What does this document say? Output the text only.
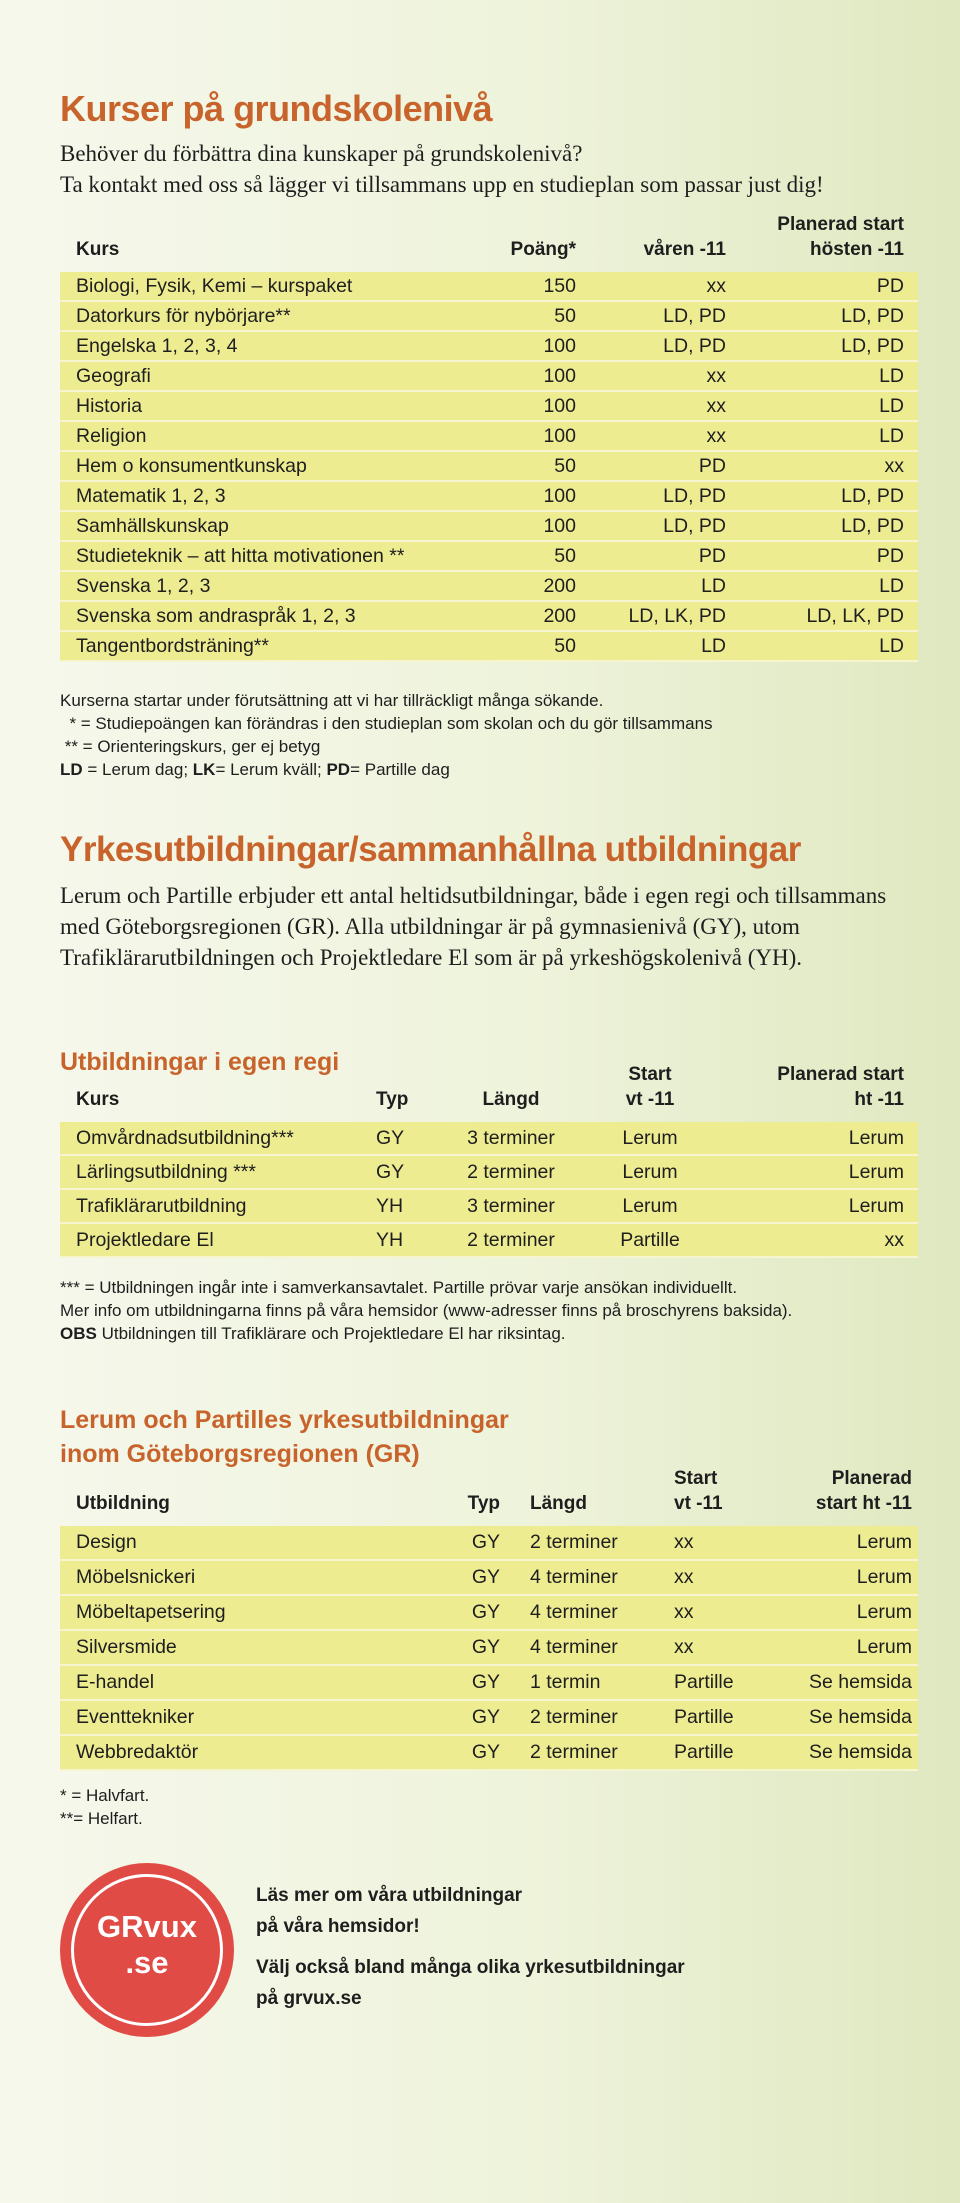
Kurser på grundskolenivå
Behöver du förbättra dina kunskaper på grundskolenivå?
Ta kontakt med oss så lägger vi tillsammans upp en studieplan som passar just dig!
Kurs	Poäng*	våren -11	Planerad start
hösten -11
Biologi, Fysik, Kemi – kurspaket	150	xx	PD
Datorkurs för nybörjare**	50	LD, PD	LD, PD
Engelska 1, 2, 3, 4	100	LD, PD	LD, PD
Geografi	100	xx	LD
Historia	100	xx	LD
Religion	100	xx	LD
Hem o konsumentkunskap	50	PD	xx
Matematik 1, 2, 3	100	LD, PD	LD, PD
Samhällskunskap	100	LD, PD	LD, PD
Studieteknik – att hitta motivationen **	50	PD	PD
Svenska 1, 2, 3	200	LD	LD
Svenska som andraspråk 1, 2, 3	200	LD, LK, PD	LD, LK, PD
Tangentbordsträning**	50	LD	LD

Kurserna startar under förutsättning att vi har tillräckligt många sökande.

* = Studiepoängen kan förändras i den studieplan som skolan och du gör tillsammans

** = Orienteringskurs, ger ej betyg

LD = Lerum dag; LK= Lerum kväll; PD= Partille dag

Yrkesutbildningar/sammanhållna utbildningar

Lerum och Partille erbjuder ett antal heltidsutbildningar, både i egen regi och tillsammans med Göteborgsregionen (GR). Alla utbildningar är på gymnasienivå (GY), utom Trafiklärarutbildningen och Projektledare El som är på yrkeshögskolenivå (YH).

Utbildningar i egen regi
Kurs	Typ	Längd	Start
vt -11	Planerad start
ht -11
Omvårdnadsutbildning***	GY	3 terminer	Lerum	Lerum
Lärlingsutbildning ***	GY	2 terminer	Lerum	Lerum
Trafiklärarutbildning	YH	3 terminer	Lerum	Lerum
Projektledare El	YH	2 terminer	Partille	xx

*** = Utbildningen ingår inte i samverkansavtalet. Partille prövar varje ansökan individuellt.

Mer info om utbildningarna finns på våra hemsidor (www-adresser finns på broschyrens baksida).

OBS Utbildningen till Trafiklärare och Projektledare El har riksintag.

Lerum och Partilles yrkesutbildningar
inom Göteborgsregionen (GR)
Utbildning	Typ	Längd	Start
vt -11	Planerad
start ht -11
Design	GY	2 terminer	xx	Lerum
Möbelsnickeri	GY	4 terminer	xx	Lerum
Möbeltapetsering	GY	4 terminer	xx	Lerum
Silversmide	GY	4 terminer	xx	Lerum
E-handel	GY	1 termin	Partille	Se hemsida
Eventtekniker	GY	2 terminer	Partille	Se hemsida
Webbredaktör	GY	2 terminer	Partille	Se hemsida

* = Halvfart.

**= Helfart.

GRvux
.se

Läs mer om våra utbildningar

på våra hemsidor!

Välj också bland många olika yrkesutbildningar

på grvux.se
